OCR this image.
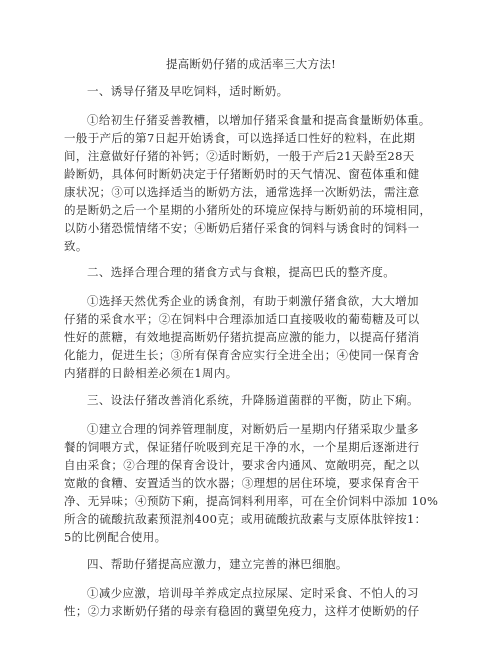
提高断奶仔猪的成活率三大方法!
一、诱导仔猪及早吃饲料，适时断奶。
①给初生仔猪妥善教槽，以增加仔猪采食量和提高食量断奶体重。
一般于产后的第7日起开始诱食，可以选择适口性好的粒料，在此期
间，注意做好仔猪的补钙；②适时断奶，一般于产后21天龄至28天
龄断奶，具体何时断奶决定于仔猪断奶时的天气情况、窗苞体重和健
康状况；③可以选择适当的断奶方法，通常选择一次断奶法，需注意
的是断奶之后一个星期的小猪所处的环境应保持与断奶前的环境相同，
以防小猪恐慌情绪不安；④断奶后猪仔采食的饲料与诱食时的饲料一
致。
二、选择合理合理的猪食方式与食粮，提高巴氏的整齐度。
①选择天然优秀企业的诱食剂，有助于刺激仔猪食欲，大大增加
仔猪的采食水平；②在饲料中合理添加适口直接吸收的葡萄糖及可以
性好的蔗糖，有效地提高断奶仔猪抗提高应激的能力，以提高仔猪消
化能力，促进生长；③所有保育舍应实行全进全出；④使同一保育舍
内猪群的日龄相差必须在1周内。
三、设法仔猪改善消化系统，升降肠道菌群的平衡，防止下痢。
①建立合理的饲养管理制度，对断奶后一星期内仔猪采取少量多
餐的饲喂方式，保证猪仔吮吸到充足干净的水，一个星期后逐渐进行
自由采食；②合理的保育舍设计，要求舍内通风、宽敞明亮，配之以
宽敞的食糟、安置适当的饮水器；③理想的居住环境，要求保育舍干
净、无异味；④预防下痢，提高饲料利用率，可在全价饲料中添加 10%
所含的硫酸抗敌素预混剂400克；或用硫酸抗敌素与支原体肽锌按1：
5的比例配合使用。
四、帮助仔猪提高应激力，建立完善的淋巴细胞。
①减少应激，培训母羊养成定点拉尿屎、定时采食、不怕人的习
性；②力求断奶仔猪的母亲有稳固的冀望免疫力，这样才使断奶的仔
